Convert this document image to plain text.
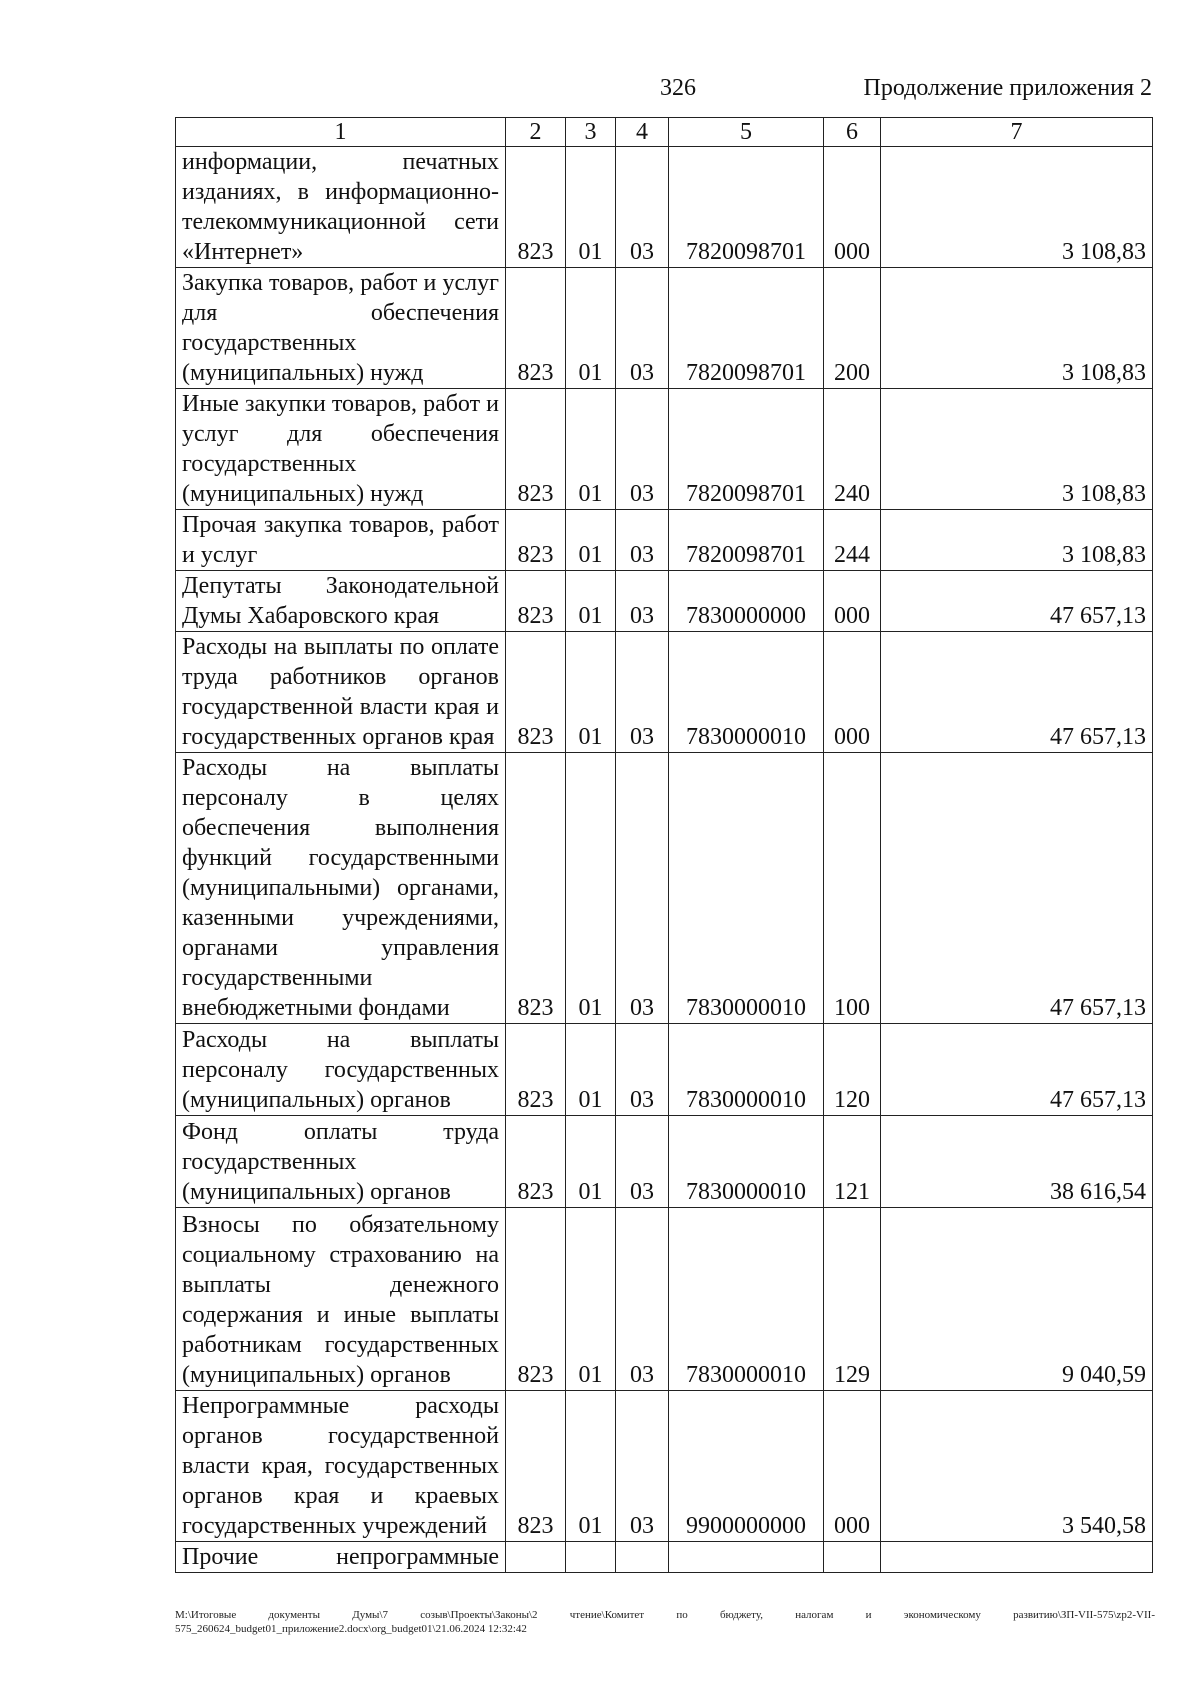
326	Продолжение приложения 2
1	2	3	4	5	6	7
информации, печатных изданиях, в информационно-телекоммуникационной сети «Интернет»	823	01	03	7820098701	000	3 108,83
Закупка товаров, работ и услуг для обеспечения государственных (муниципальных) нужд	823	01	03	7820098701	200	3 108,83
Иные закупки товаров, работ и услуг для обеспечения государственных (муниципальных) нужд	823	01	03	7820098701	240	3 108,83
Прочая закупка товаров, работ и услуг	823	01	03	7820098701	244	3 108,83
Депутаты Законодательной Думы Хабаровского края	823	01	03	7830000000	000	47 657,13
Расходы на выплаты по оплате труда работников органов государственной власти края и государственных органов края	823	01	03	7830000010	000	47 657,13
Расходы на выплаты персоналу в целях обеспечения выполнения функций государственными (муниципальными) органами, казенными учреждениями, органами управления государственными внебюджетными фондами	823	01	03	7830000010	100	47 657,13
Расходы на выплаты персоналу государственных (муниципальных) органов	823	01	03	7830000010	120	47 657,13
Фонд оплаты труда государственных (муниципальных) органов	823	01	03	7830000010	121	38 616,54
Взносы по обязательному социальному страхованию на выплаты денежного содержания и иные выплаты работникам государственных (муниципальных) органов	823	01	03	7830000010	129	9 040,59
Непрограммные расходы органов государственной власти края, государственных органов края и краевых государственных учреждений	823	01	03	9900000000	000	3 540,58
Прочие непрограммные						
M:\Итоговые документы Думы\7 созыв\Проекты\Законы\2 чтение\Комитет по бюджету, налогам и экономическому развитию\ЗП-VII-575\zp2-VII-575_260624_budget01_приложение2.docx\org_budget01\21.06.2024 12:32:42
